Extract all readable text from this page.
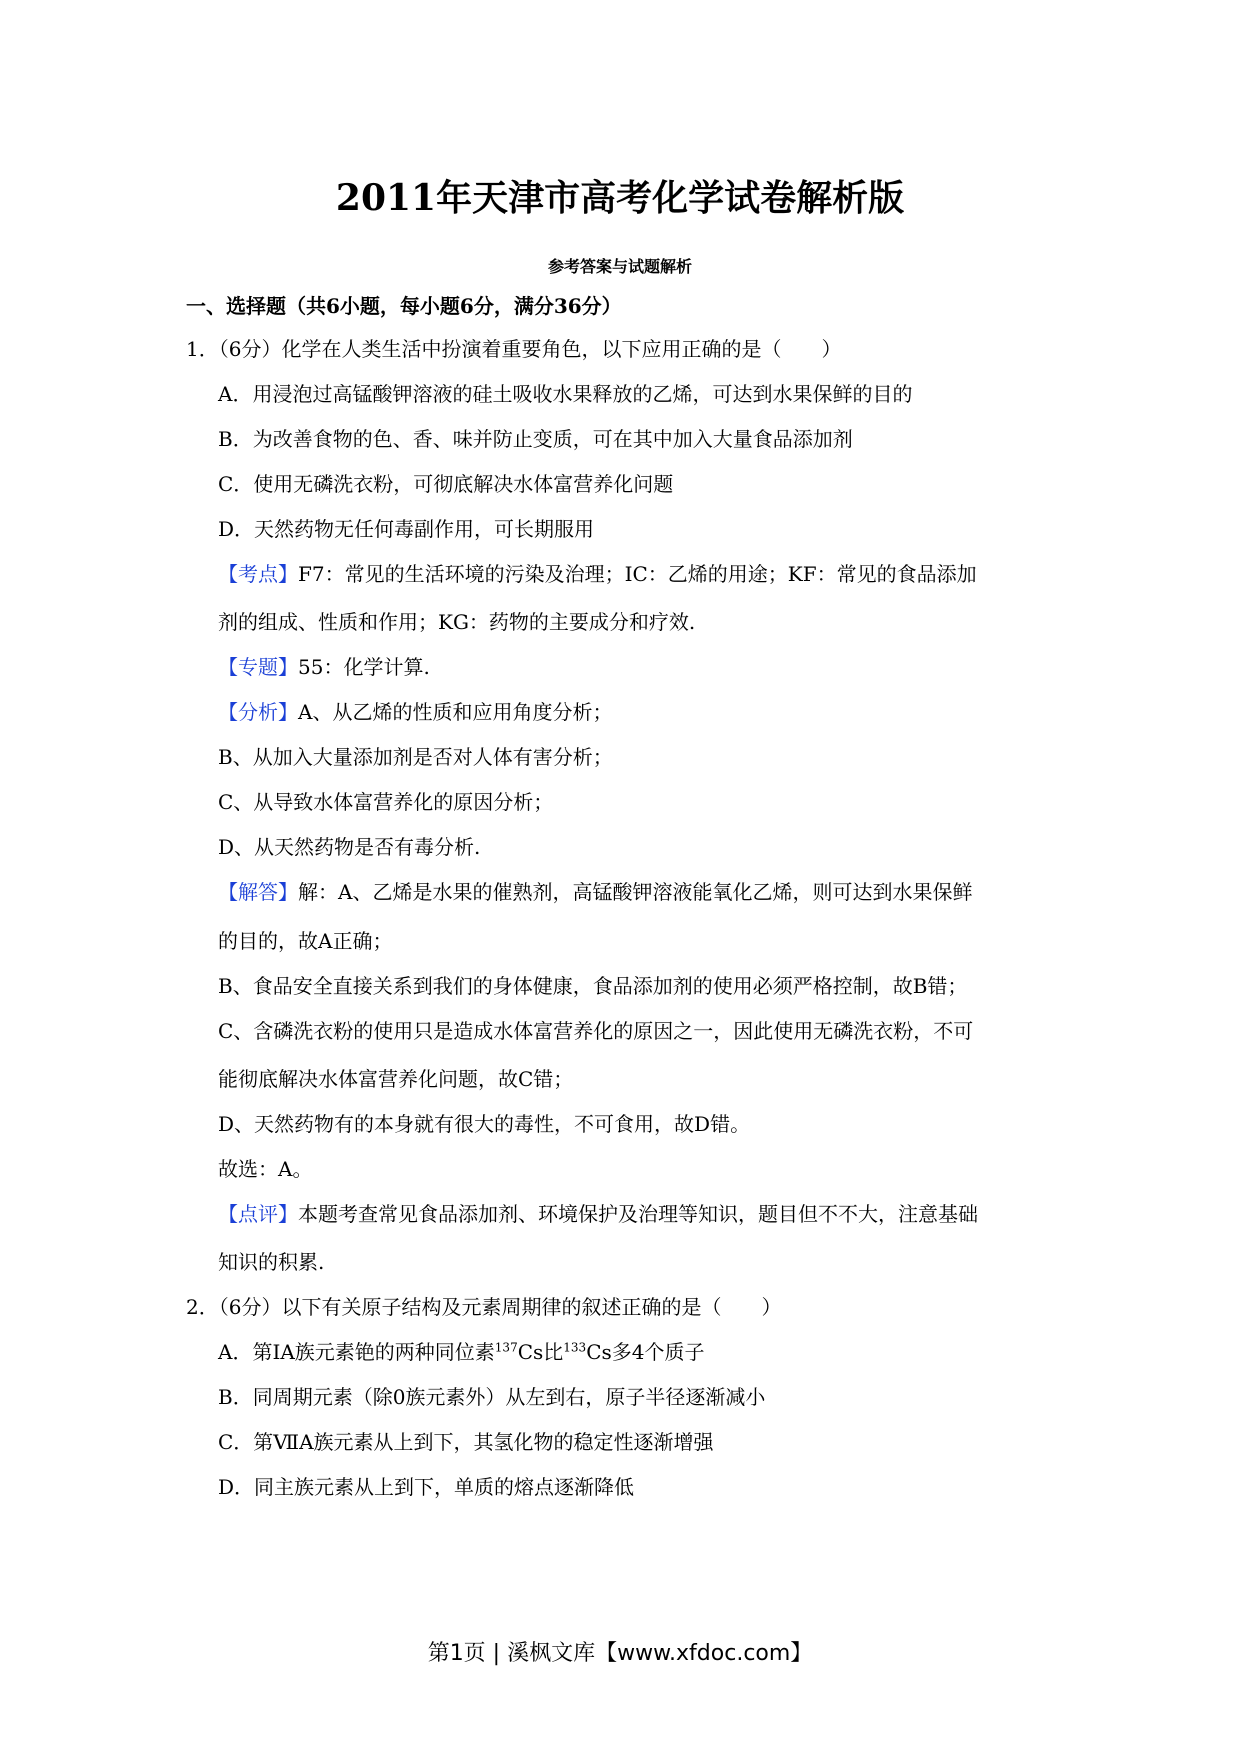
2011年天津市高考化学试卷解析版
参考答案与试题解析
一、选择题（共6小题，每小题6分，满分36分）
1．（6分）化学在人类生活中扮演着重要角色，以下应用正确的是（　　）
A．用浸泡过高锰酸钾溶液的硅土吸收水果释放的乙烯，可达到水果保鲜的目的
B．为改善食物的色、香、味并防止变质，可在其中加入大量食品添加剂
C．使用无磷洗衣粉，可彻底解决水体富营养化问题
D．天然药物无任何毒副作用，可长期服用
【考点】F7：常见的生活环境的污染及治理；IC：乙烯的用途；KF：常见的食品添加
剂的组成、性质和作用；KG：药物的主要成分和疗效.
【专题】55：化学计算.
【分析】A、从乙烯的性质和应用角度分析；
B、从加入大量添加剂是否对人体有害分析；
C、从导致水体富营养化的原因分析；
D、从天然药物是否有毒分析.
【解答】解：A、乙烯是水果的催熟剂，高锰酸钾溶液能氧化乙烯，则可达到水果保鲜
的目的，故A正确；
B、食品安全直接关系到我们的身体健康，食品添加剂的使用必须严格控制，故B错；
C、含磷洗衣粉的使用只是造成水体富营养化的原因之一，因此使用无磷洗衣粉，不可
能彻底解决水体富营养化问题，故C错；
D、天然药物有的本身就有很大的毒性，不可食用，故D错。
故选：A。
【点评】本题考查常见食品添加剂、环境保护及治理等知识，题目但不不大，注意基础
知识的积累.
2．（6分）以下有关原子结构及元素周期律的叙述正确的是（　　）
A．第IA族元素铯的两种同位素$^{137}$Cs比$^{133}$Cs多4个质子
B．同周期元素（除0族元素外）从左到右，原子半径逐渐减小
C．第ⅦA族元素从上到下，其氢化物的稳定性逐渐增强
D．同主族元素从上到下，单质的熔点逐渐降低
第1页 | 溪枫文库【www.xfdoc.com】
